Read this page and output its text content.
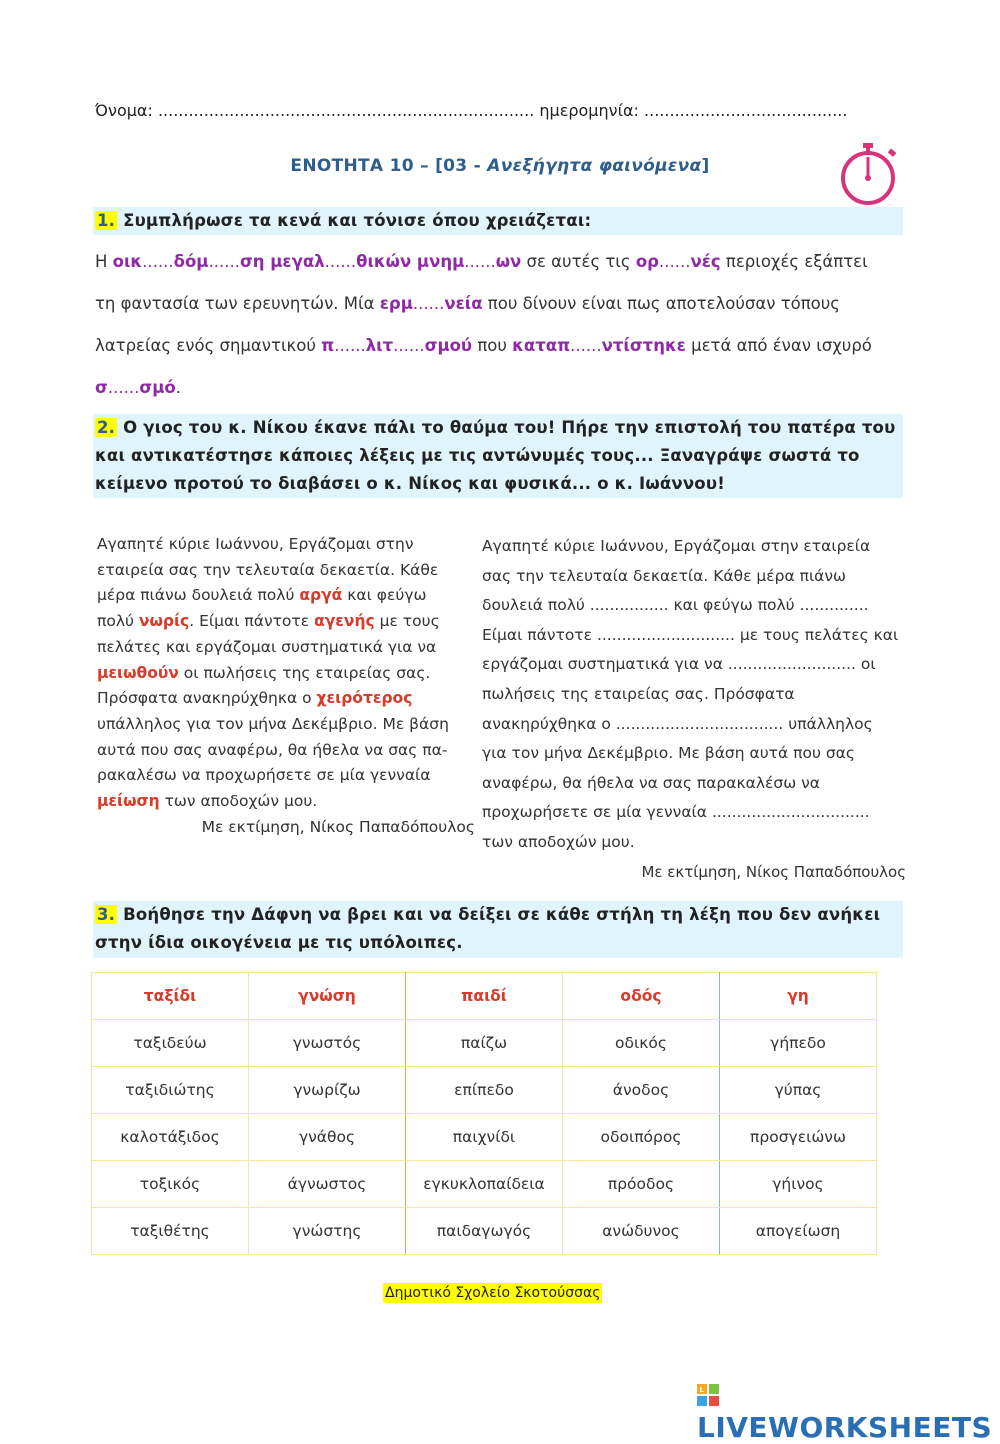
Όνομα: .......................................................................... ημερομηνία: ........................................
ΕΝΟΤΗΤΑ 10 – [03 - Ανεξήγητα φαινόμενα]
1. Συμπλήρωσε τα κενά και τόνισε όπου χρειάζεται:

Η οικ......δόμ......ση μεγαλ......θικών μνημ......ων σε αυτές τις ορ......νές περιοχές εξάπτει

τη φαντασία των ερευνητών. Μία ερμ......νεία που δίνουν είναι πως αποτελούσαν τόπους

λατρείας ενός σημαντικού π......λιτ......σμού που καταπ......ντίστηκε μετά από έναν ισχυρό

σ......σμό.

2. Ο γιος του κ. Νίκου έκανε πάλι το θαύμα του! Πήρε την επιστολή του πατέρα του
και αντικατέστησε κάποιες λέξεις με τις αντώνυμές τους... Ξαναγράψε σωστά το
κείμενο προτού το διαβάσει ο κ. Νίκος και φυσικά... ο κ. Ιωάννου!
Αγαπητέ κύριε Ιωάννου, Εργάζομαι στην
εταιρεία σας την τελευταία δεκαετία. Κάθε
μέρα πιάνω δουλειά πολύ αργά και φεύγω
πολύ νωρίς. Είμαι πάντοτε αγενής με τους
πελάτες και εργάζομαι συστηματικά για να
μειωθούν οι πωλήσεις της εταιρείας σας.
Πρόσφατα ανακηρύχθηκα ο χειρότερος
υπάλληλος για τον μήνα Δεκέμβριο. Με βάση
αυτά που σας αναφέρω, θα ήθελα να σας πα-
ρακαλέσω να προχωρήσετε σε μία γενναία
μείωση των αποδοχών μου.
Με εκτίμηση, Νίκος Παπαδόπουλος
Αγαπητέ κύριε Ιωάννου, Εργάζομαι στην εταιρεία
σας την τελευταία δεκαετία. Κάθε μέρα πιάνω
δουλειά πολύ ................ και φεύγω πολύ ..............
Είμαι πάντοτε ............................ με τους πελάτες και
εργάζομαι συστηματικά για να .......................... οι
πωλήσεις της εταιρείας σας. Πρόσφατα
ανακηρύχθηκα ο .................................. υπάλληλος
για τον μήνα Δεκέμβριο. Με βάση αυτά που σας
αναφέρω, θα ήθελα να σας παρακαλέσω να
προχωρήσετε σε μία γενναία ................................
των αποδοχών μου.
Με εκτίμηση, Νίκος Παπαδόπουλος
3. Βοήθησε την Δάφνη να βρει και να δείξει σε κάθε στήλη τη λέξη που δεν ανήκει
στην ίδια οικογένεια με τις υπόλοιπες.
ταξίδι	γνώση	παιδί	οδός	γη
ταξιδεύω	γνωστός	παίζω	οδικός	γήπεδο
ταξιδιώτης	γνωρίζω	επίπεδο	άνοδος	γύπας
καλοτάξιδος	γνάθος	παιχνίδι	οδοιπόρος	προσγειώνω
τοξικός	άγνωστος	εγκυκλοπαίδεια	πρόοδος	γήινος
ταξιθέτης	γνώστης	παιδαγωγός	ανώδυνος	απογείωση
Δημοτικό Σχολείο Σκοτούσσας
L
LIVEWORKSHEETS
